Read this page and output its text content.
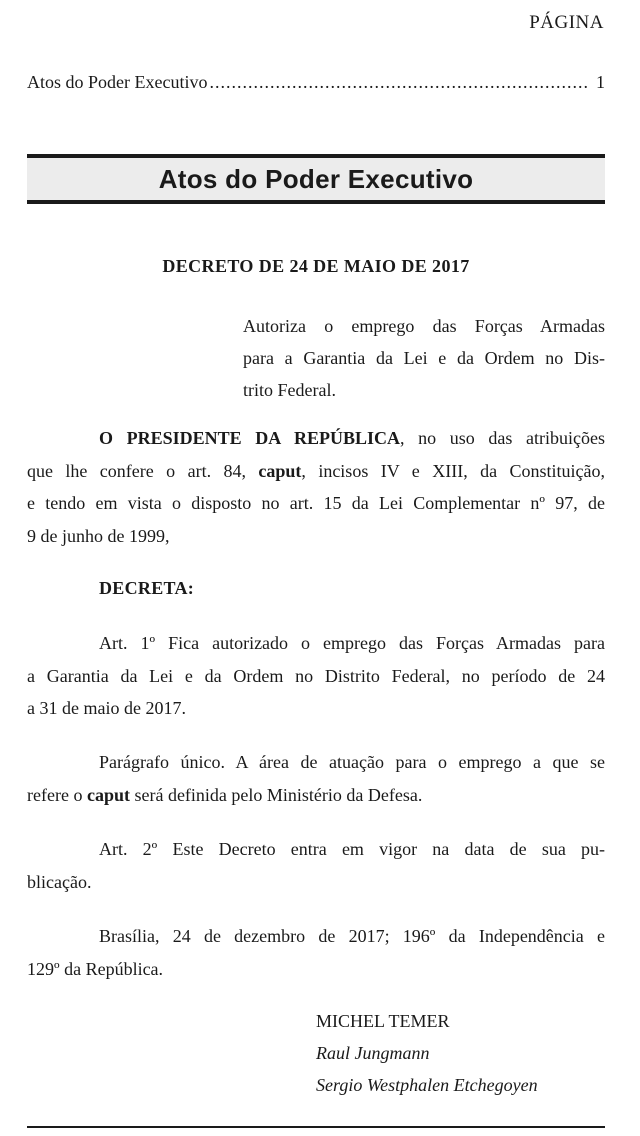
PÁGINA
Atos do Poder Executivo
.....	1
Atos do Poder Executivo
DECRETO DE 24 DE MAIO DE 2017
Autoriza o emprego das Forças Armadas
para a Garantia da Lei e da Ordem no Dis-
trito Federal.
O PRESIDENTE DA REPÚBLICA, no uso das atribuições
que lhe confere o art. 84, caput, incisos IV e XIII, da Constituição,
e tendo em vista o disposto no art. 15 da Lei Complementar nº 97, de
9 de junho de 1999,
DECRETA:
Art. 1º Fica autorizado o emprego das Forças Armadas para
a Garantia da Lei e da Ordem no Distrito Federal, no período de 24
a 31 de maio de 2017.
Parágrafo único. A área de atuação para o emprego a que se
refere o caput será definida pelo Ministério da Defesa.
Art. 2º Este Decreto entra em vigor na data de sua pu-
blicação.
Brasília, 24 de dezembro de 2017; 196º da Independência e
129º da República.
MICHEL TEMER
Raul Jungmann
Sergio Westphalen Etchegoyen
